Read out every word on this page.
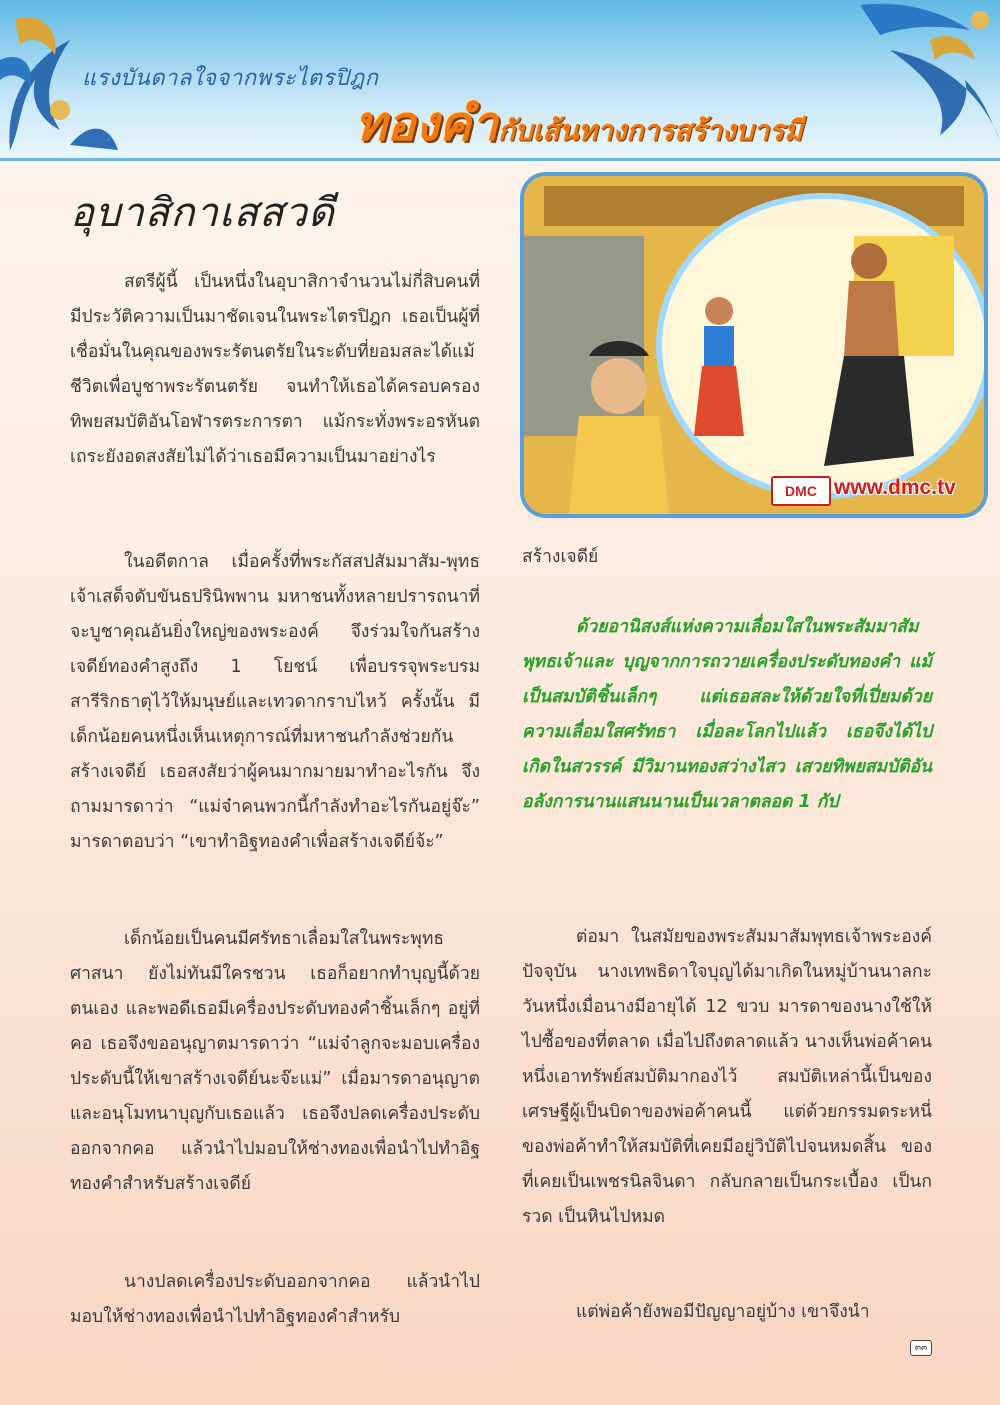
แรงบันดาลใจจากพระไตรปิฎก
ทองคำกับเส้นทางการสร้างบารมี
อุบาสิกาเสสวดี

สตรีผู้นี้ เป็นหนึ่งในอุบาสิกาจำนวนไม่กี่สิบคนที่มีประวัติความเป็นมาชัดเจนในพระไตรปิฎก เธอเป็นผู้ที่เชื่อมั่นในคุณของพระรัตนตรัยในระดับที่ยอมสละได้แม้ชีวิตเพื่อบูชาพระรัตนตรัย จนทำให้เธอได้ครอบครองทิพยสมบัติอันโอฬารตระการตา แม้กระทั่งพระอรหันตเถระยังอดสงสัยไม่ได้ว่าเธอมีความเป็นมาอย่างไร

ในอดีตกาล เมื่อครั้งที่พระกัสสปสัมมาสัม-พุทธเจ้าเสด็จดับขันธปรินิพพาน มหาชนทั้งหลายปรารถนาที่จะบูชาคุณอันยิ่งใหญ่ของพระองค์ จึงร่วมใจกันสร้างเจดีย์ทองคำสูงถึง 1 โยชน์ เพื่อบรรจุพระบรมสารีริกธาตุไว้ให้มนุษย์และเทวดากราบไหว้ ครั้งนั้น มีเด็กน้อยคนหนึ่งเห็นเหตุการณ์ที่มหาชนกำลังช่วยกันสร้างเจดีย์ เธอสงสัยว่าผู้คนมากมายมาทำอะไรกัน จึงถามมารดาว่า “แม่จ๋าคนพวกนี้กำลังทำอะไรกันอยู่จ๊ะ” มารดาตอบว่า “เขาทำอิฐทองคำเพื่อสร้างเจดีย์จ้ะ”

เด็กน้อยเป็นคนมีศรัทธาเลื่อมใสในพระพุทธศาสนา ยังไม่ทันมีใครชวน เธอก็อยากทำบุญนี้ด้วยตนเอง และพอดีเธอมีเครื่องประดับทองคำชิ้นเล็กๆ อยู่ที่คอ เธอจึงขออนุญาตมารดาว่า “แม่จ๋าลูกจะมอบเครื่องประดับนี้ให้เขาสร้างเจดีย์นะจ๊ะแม่” เมื่อมารดาอนุญาตและอนุโมทนาบุญกับเธอแล้ว เธอจึงปลดเครื่องประดับออกจากคอ แล้วนำไปมอบให้ช่างทองเพื่อนำไปทำอิฐทองคำสำหรับสร้างเจดีย์

นางปลดเครื่องประดับออกจากคอ แล้วนำไปมอบให้ช่างทองเพื่อนำไปทำอิฐทองคำสำหรับ

DMC www.dmc.tv

สร้างเจดีย์

ด้วยอานิสงส์แห่งความเลื่อมใสในพระสัมมาสัมพุทธเจ้าและ บุญจากการถวายเครื่องประดับทองคำ แม้เป็นสมบัติชิ้นเล็กๆ แต่เธอสละให้ด้วยใจที่เปี่ยมด้วยความเลื่อมใสศรัทธา เมื่อละโลกไปแล้ว เธอจึงได้ไปเกิดในสวรรค์ มีวิมานทองสว่างไสว เสวยทิพยสมบัติอันอลังการนานแสนนานเป็นเวลาตลอด 1 กัป

ต่อมา ในสมัยของพระสัมมาสัมพุทธเจ้าพระองค์ปัจจุบัน นางเทพธิดาใจบุญได้มาเกิดในหมู่บ้านนาลกะ วันหนึ่งเมื่อนางมีอายุได้ 12 ขวบ มารดาของนางใช้ให้ไปซื้อของที่ตลาด เมื่อไปถึงตลาดแล้ว นางเห็นพ่อค้าคนหนึ่งเอาทรัพย์สมบัติมากองไว้ สมบัติเหล่านี้เป็นของเศรษฐีผู้เป็นบิดาของพ่อค้าคนนี้ แต่ด้วยกรรมตระหนี่ของพ่อค้าทำให้สมบัติที่เคยมีอยู่วิบัติไปจนหมดสิ้น ของที่เคยเป็นเพชรนิลจินดา กลับกลายเป็นกระเบื้อง เป็นกรวด เป็นหินไปหมด

แต่พ่อค้ายังพอมีปัญญาอยู่บ้าง เขาจึงนำ

๓๓
